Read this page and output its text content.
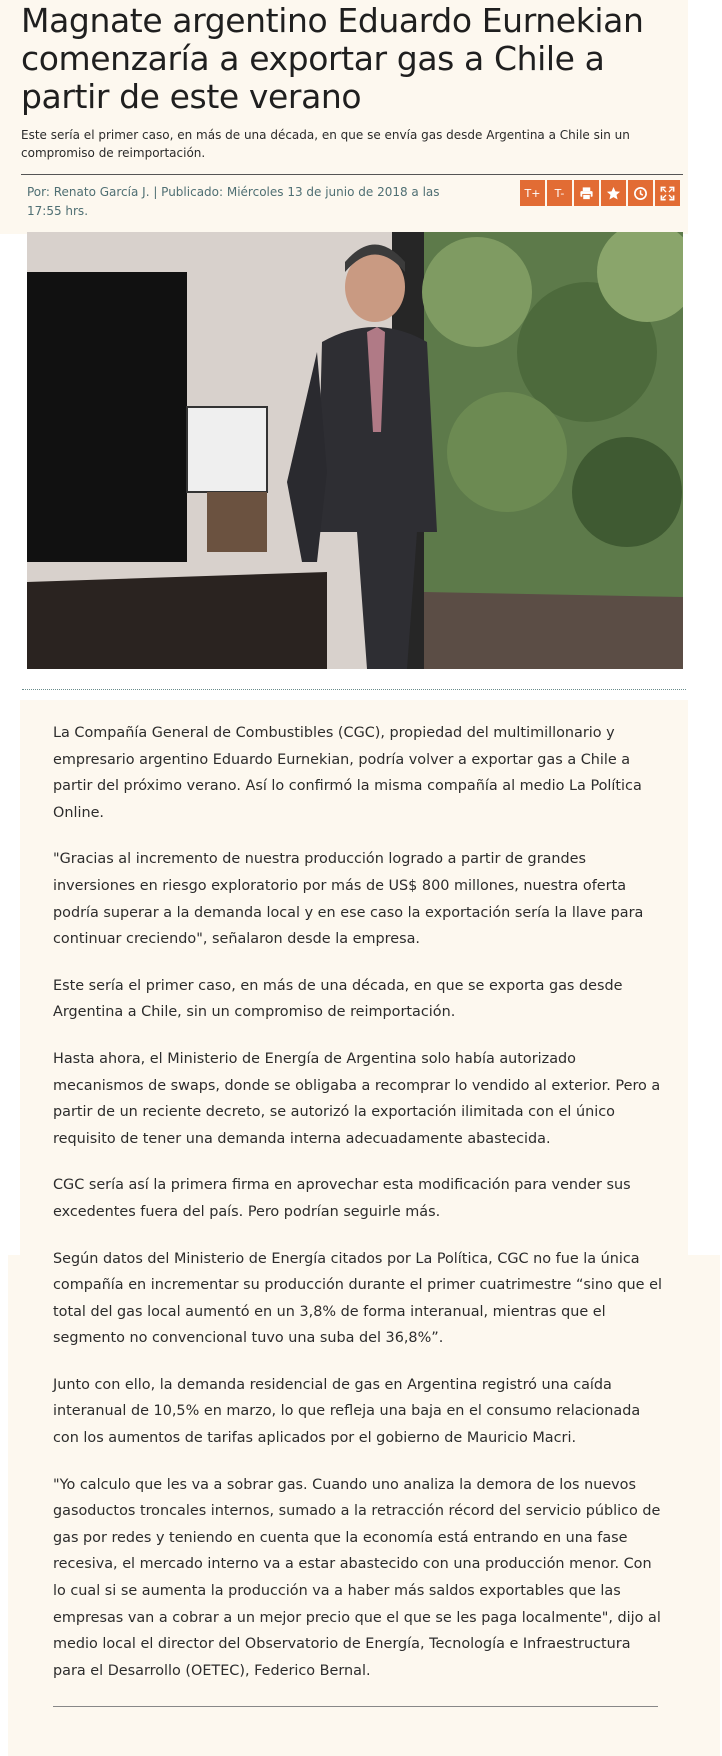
Magnate argentino Eduardo Eurnekian comenzaría a exportar gas a Chile a partir de este verano

Este sería el primer caso, en más de una década, en que se envía gas desde Argentina a Chile sin un compromiso de reimportación.

Por: Renato García J. | Publicado: Miércoles 13 de junio de 2018 a las 17:55 hrs.

T+	T-

La Compañía General de Combustibles (CGC), propiedad del multimillonario y empresario argentino Eduardo Eurnekian, podría volver a exportar gas a Chile a partir del próximo verano. Así lo confirmó la misma compañía al medio La Política Online.

"Gracias al incremento de nuestra producción logrado a partir de grandes inversiones en riesgo exploratorio por más de US$ 800 millones, nuestra oferta podría superar a la demanda local y en ese caso la exportación sería la llave para continuar creciendo", señalaron desde la empresa.

Este sería el primer caso, en más de una década, en que se exporta gas desde Argentina a Chile, sin un compromiso de reimportación.

Hasta ahora, el Ministerio de Energía de Argentina solo había autorizado mecanismos de swaps, donde se obligaba a recomprar lo vendido al exterior. Pero a partir de un reciente decreto, se autorizó la exportación ilimitada con el único requisito de tener una demanda interna adecuadamente abastecida.

CGC sería así la primera firma en aprovechar esta modificación para vender sus excedentes fuera del país. Pero podrían seguirle más.

Según datos del Ministerio de Energía citados por La Política, CGC no fue la única compañía en incrementar su producción durante el primer cuatrimestre “sino que el total del gas local aumentó en un 3,8% de forma interanual, mientras que el segmento no convencional tuvo una suba del 36,8%”.

Junto con ello, la demanda residencial de gas en Argentina registró una caída interanual de 10,5% en marzo, lo que refleja una baja en el consumo relacionada con los aumentos de tarifas aplicados por el gobierno de Mauricio Macri.

"Yo calculo que les va a sobrar gas. Cuando uno analiza la demora de los nuevos gasoductos troncales internos, sumado a la retracción récord del servicio público de gas por redes y teniendo en cuenta que la economía está entrando en una fase recesiva, el mercado interno va a estar abastecido con una producción menor. Con lo cual si se aumenta la producción va a haber más saldos exportables que las empresas van a cobrar a un mejor precio que el que se les paga localmente", dijo al medio local el director del Observatorio de Energía, Tecnología e Infraestructura para el Desarrollo (OETEC), Federico Bernal.
